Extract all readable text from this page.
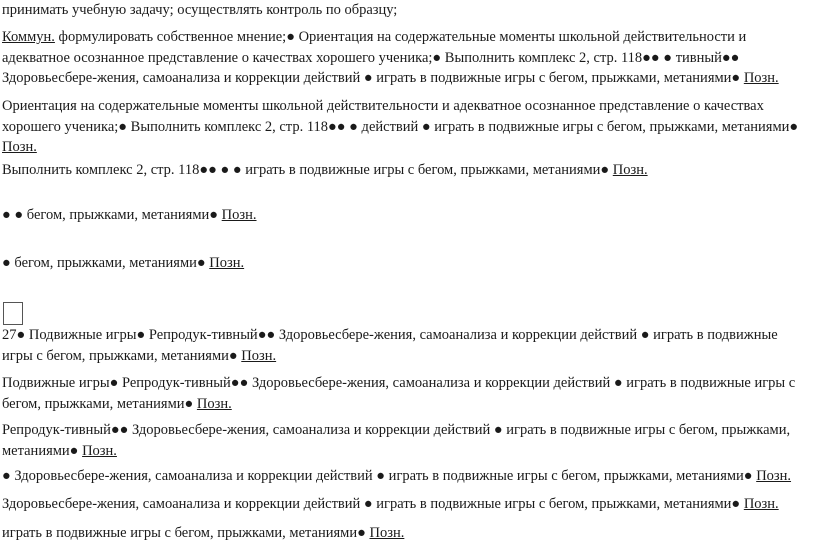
принимать учебную задачу; осуществлять контроль по образцу;

Коммун. формулировать собственное мнение;● Ориентация на содержательные моменты школьной действительности и адекватное осознанное представление о качествах хорошего ученика;● Выполнить комплекс 2, стр. 118●● ● тивный●● Здоровьесбере-жения, самоанализа и коррекции действий ● играть в подвижные игры с бегом, прыжками, метаниями● Позн.

Ориентация на содержательные моменты школьной действительности и адекватное осознанное представление о качествах хорошего ученика;● Выполнить комплекс 2, стр. 118●● ● действий ● играть в подвижные игры с бегом, прыжками, метаниями● Позн.

Выполнить комплекс 2, стр. 118●● ● ● играть в подвижные игры с бегом, прыжками, метаниями● Позн.

● ● бегом, прыжками, метаниями● Позн.

● бегом, прыжками, метаниями● Позн.

27● Подвижные игры● Репродук-тивный●● Здоровьесбере-жения, самоанализа и коррекции действий ● играть в подвижные игры с бегом, прыжками, метаниями● Позн.

Подвижные игры● Репродук-тивный●● Здоровьесбере-жения, самоанализа и коррекции действий ● играть в подвижные игры с бегом, прыжками, метаниями● Позн.

Репродук-тивный●● Здоровьесбере-жения, самоанализа и коррекции действий ● играть в подвижные игры с бегом, прыжками, метаниями● Позн.

● Здоровьесбере-жения, самоанализа и коррекции действий ● играть в подвижные игры с бегом, прыжками, метаниями● Позн.

Здоровьесбере-жения, самоанализа и коррекции действий ● играть в подвижные игры с бегом, прыжками, метаниями● Позн.

играть в подвижные игры с бегом, прыжками, метаниями● Позн.
